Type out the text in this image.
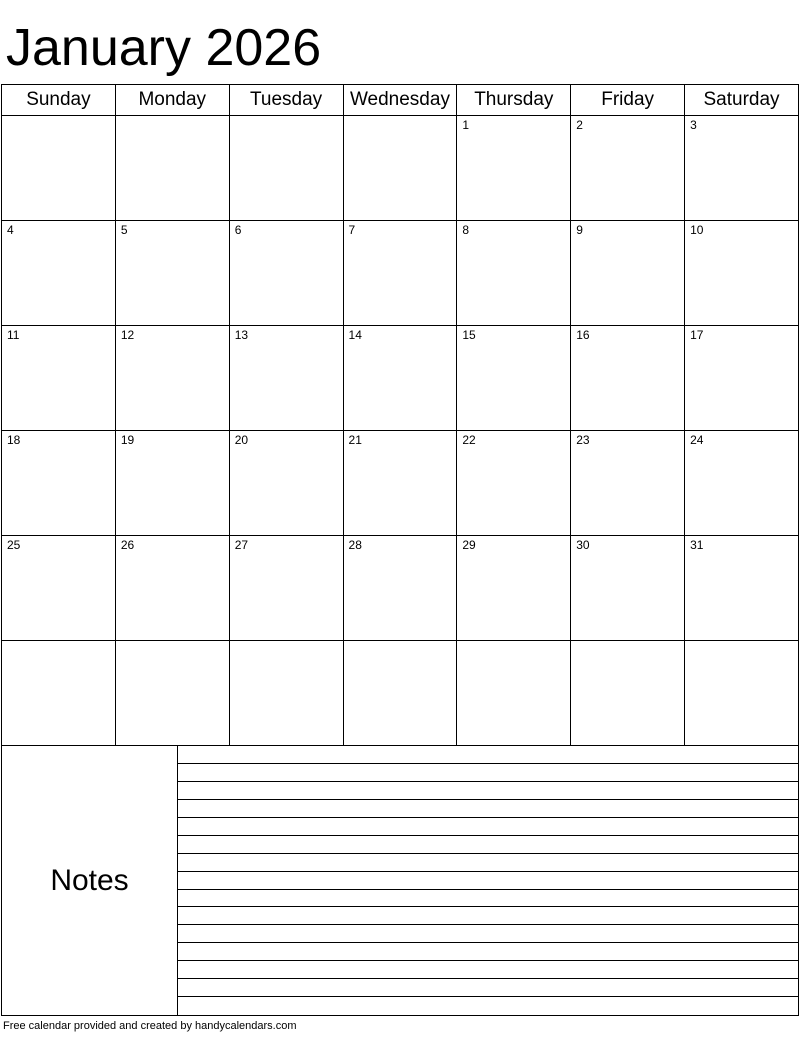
January 2026
Sunday	Monday	Tuesday	Wednesday	Thursday	Friday	Saturday

				1	2	3

4	5	6	7	8	9	10

11	12	13	14	15	16	17

18	19	20	21	22	23	24

25	26	27	28	29	30	31

Notes
Free calendar provided and created by handycalendars.com
